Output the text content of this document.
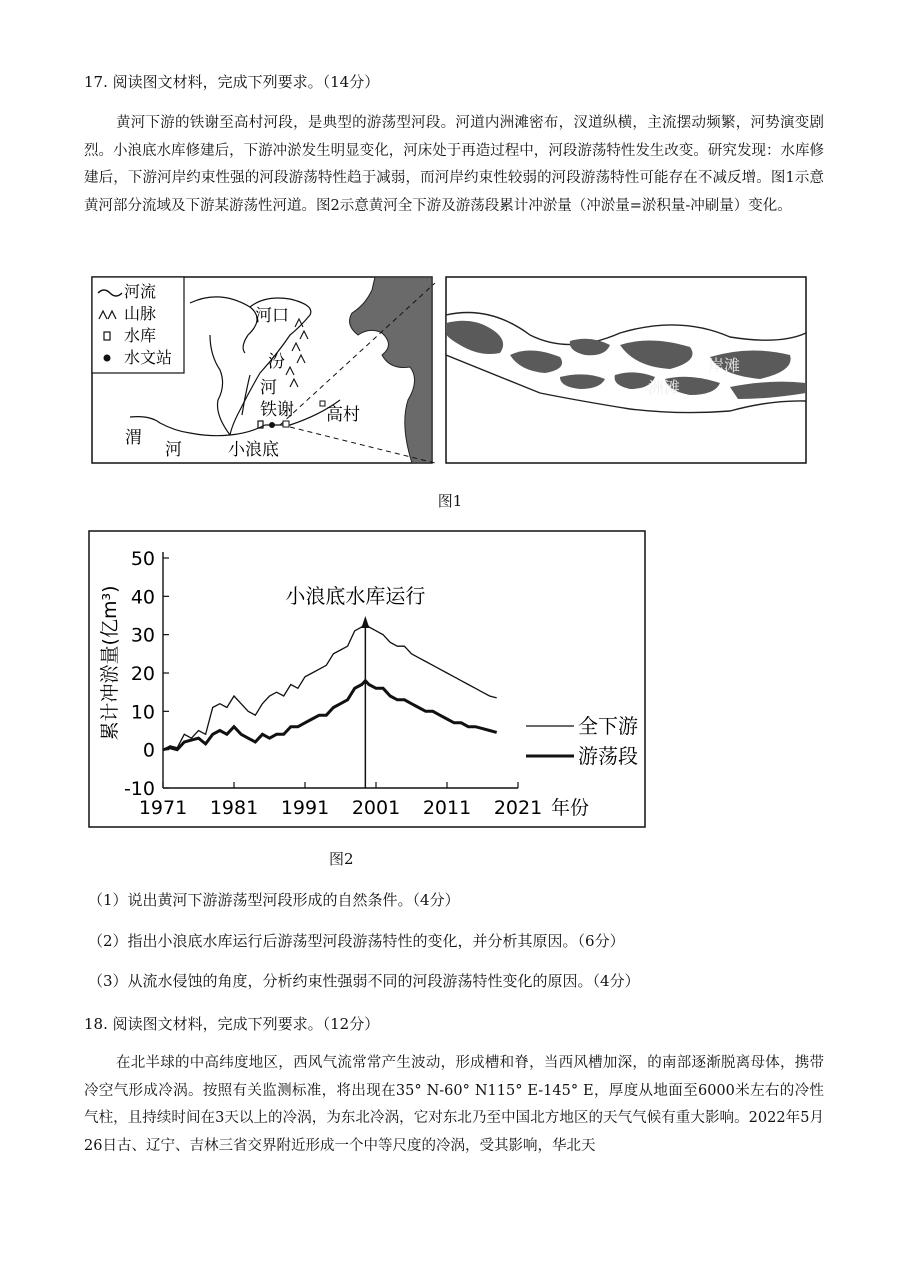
17. 阅读图文材料，完成下列要求。（14分）

黄河下游的铁谢至高村河段，是典型的游荡型河段。河道内洲滩密布，汊道纵横，主流摆动频繁，河势演变剧烈。小浪底水库修建后，下游冲淤发生明显变化，河床处于再造过程中，河段游荡特性发生改变。研究发现：水库修建后，下游河岸约束性强的河段游荡特性趋于减弱，而河岸约束性较弱的河段游荡特性可能存在不减反增。图1示意黄河部分流域及下游某游荡性河道。图2示意黄河全下游及游荡段累计冲淤量（冲淤量=淤积量-冲刷量）变化。

河流
山脉
水库
水文站
河口
汾
河
铁谢 高村
渭
河	小浪底
岸滩
洲滩
图1
-10
0
10
20
30
40
50
1971 1981 1991 2001 2011 2021 年份
累计冲淤量(亿m³)	小浪底水库运行
全下游
游荡段
图2
（1）说出黄河下游游荡型河段形成的自然条件。（4分）
（2）指出小浪底水库运行后游荡型河段游荡特性的变化，并分析其原因。（6分）
（3）从流水侵蚀的角度，分析约束性强弱不同的河段游荡特性变化的原因。（4分）

18. 阅读图文材料，完成下列要求。（12分）

在北半球的中高纬度地区，西风气流常常产生波动，形成槽和脊，当西风槽加深，的南部逐渐脱离母体，携带冷空气形成冷涡。按照有关监测标准，将出现在35° N-60° N115° E-145° E，厚度从地面至6000米左右的冷性气柱，且持续时间在3天以上的冷涡，为东北冷涡，它对东北乃至中国北方地区的天气气候有重大影响。2022年5月26日古、辽宁、吉林三省交界附近形成一个中等尺度的冷涡，受其影响，华北天
